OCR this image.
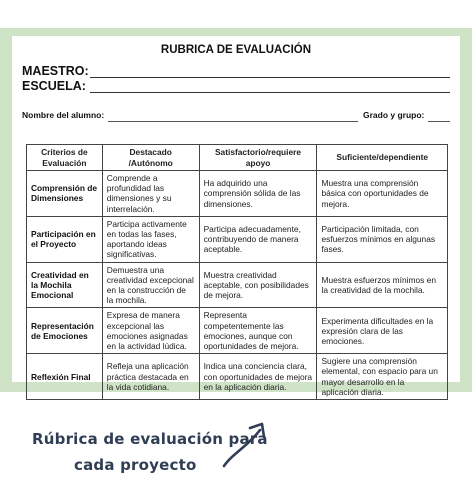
RUBRICA DE EVALUACIÓN
MAESTRO:
ESCUELA:
Nombre del alumno:	Grado y grupo:
Criterios de Evaluación	Destacado /Autónomo	Satisfactorio/requiere apoyo	Suficiente/dependiente
Comprensión de Dimensiones	Comprende a profundidad las dimensiones y su interrelación.	Ha adquirido una comprensión sólida de las dimensiones.	Muestra una comprensión básica con oportunidades de mejora.
Participación en el Proyecto	Participa activamente en todas las fases, aportando ideas significativas.	Participa adecuadamente, contribuyendo de manera aceptable.	Participación limitada, con esfuerzos mínimos en algunas fases.
Creatividad en la Mochila Emocional	Demuestra una creatividad excepcional en la construcción de la mochila.	Muestra creatividad aceptable, con posibilidades de mejora.	Muestra esfuerzos mínimos en la creatividad de la mochila.
Representación de Emociones	Expresa de manera excepcional las emociones asignadas en la actividad lúdica.	Representa competentemente las emociones, aunque con oportunidades de mejora.	Experimenta dificultades en la expresión clara de las emociones.
Reflexión Final	Refleja una aplicación práctica destacada en la vida cotidiana.	Indica una conciencia clara, con oportunidades de mejora en la aplicación diaria.	Sugiere una comprensión elemental, con espacio para un mayor desarrollo en la aplicación diaria.
Rúbrica de evaluación para
cada proyecto
